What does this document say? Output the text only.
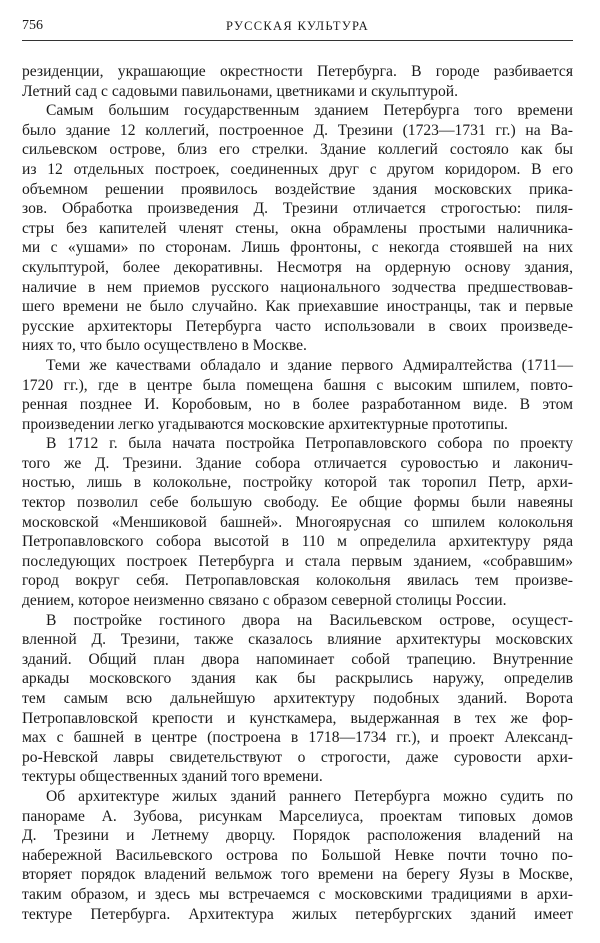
756	РУССКАЯ КУЛЬТУРА
резиденции, украшающие окрестности Петербурга. В городе разбивается
Летний сад с садовыми павильонами, цветниками и скульптурой.
Самым большим государственным зданием Петербурга того времени
было здание 12 коллегий, построенное Д. Трезини (1723—1731 гг.) на Ва-
сильевском острове, близ его стрелки. Здание коллегий состояло как бы
из 12 отдельных построек, соединенных друг с другом коридором. В его
объемном решении проявилось воздействие здания московских прика-
зов. Обработка произведения Д. Трезини отличается строгостью: пиля-
стры без капителей членят стены, окна обрамлены простыми наличника-
ми с «ушами» по сторонам. Лишь фронтоны, с некогда стоявшей на них
скульптурой, более декоративны. Несмотря на ордерную основу здания,
наличие в нем приемов русского национального зодчества предшествовав-
шего времени не было случайно. Как приехавшие иностранцы, так и первые
русские архитекторы Петербурга часто использовали в своих произведе-
ниях то, что было осуществлено в Москве.
Теми же качествами обладало и здание первого Адмиралтейства (1711—
1720 гг.), где в центре была помещена башня с высоким шпилем, повто-
ренная позднее И. Коробовым, но в более разработанном виде. В этом
произведении легко угадываются московские архитектурные прототипы.
В 1712 г. была начата постройка Петропавловского собора по проекту
того же Д. Трезини. Здание собора отличается суровостью и лаконич-
ностью, лишь в колокольне, постройку которой так торопил Петр, архи-
тектор позволил себе большую свободу. Ее общие формы были навеяны
московской «Меншиковой башней». Многоярусная со шпилем колокольня
Петропавловского собора высотой в 110 м определила архитектуру ряда
последующих построек Петербурга и стала первым зданием, «собравшим»
город вокруг себя. Петропавловская колокольня явилась тем произве-
дением, которое неизменно связано с образом северной столицы России.
В постройке гостиного двора на Васильевском острове, осущест-
вленной Д. Трезини, также сказалось влияние архитектуры московских
зданий. Общий план двора напоминает собой трапецию. Внутренние
аркады московского здания как бы раскрылись наружу, определив
тем самым всю дальнейшую архитектуру подобных зданий. Ворота
Петропавловской крепости и кунсткамера, выдержанная в тех же фор-
мах с башней в центре (построена в 1718—1734 гг.), и проект Александ-
ро-Невской лавры свидетельствуют о строгости, даже суровости архи-
тектуры общественных зданий того времени.
Об архитектуре жилых зданий раннего Петербурга можно судить по
панораме А. Зубова, рисункам Марселиуса, проектам типовых домов
Д. Трезини и Летнему дворцу. Порядок расположения владений на
набережной Васильевского острова по Большой Невке почти точно по-
вторяет порядок владений вельмож того времени на берегу Яузы в Москве,
таким образом, и здесь мы встречаемся с московскими традициями в архи-
тектуре Петербурга. Архитектура жилых петербургских зданий имеет
